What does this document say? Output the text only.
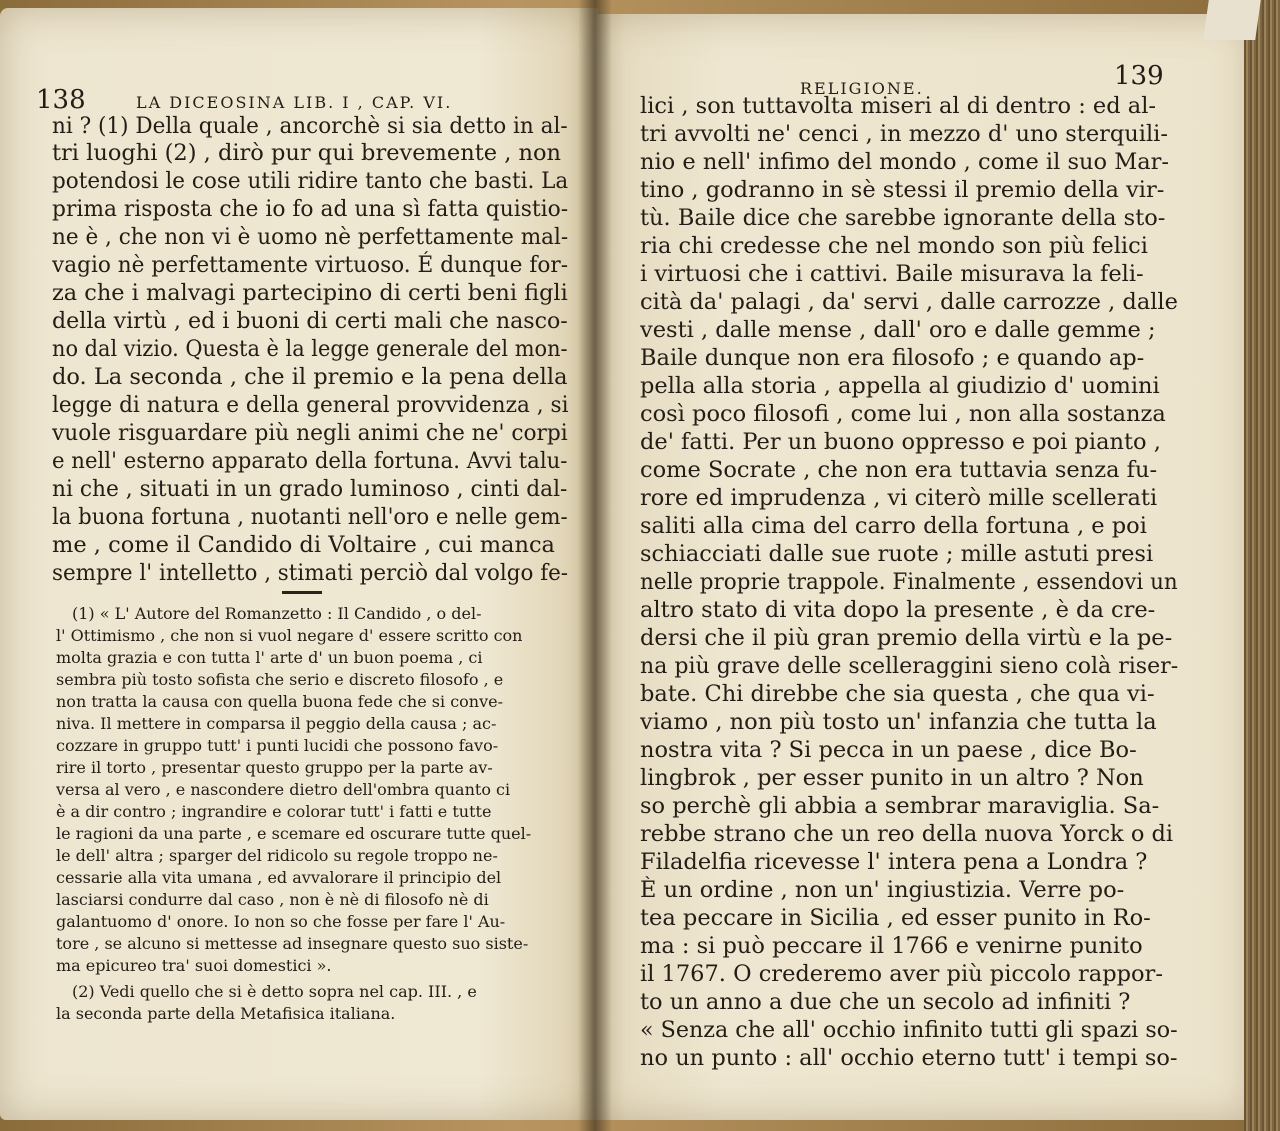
138	LA DICEOSINA LIB. I , CAP. VI.
RELIGIONE.	139
ni ? (1) Della quale , ancorchè si sia detto in al-
tri luoghi (2) , dirò pur qui brevemente , non
potendosi le cose utili ridire tanto che basti. La
prima risposta che io fo ad una sì fatta quistio-
ne è , che non vi è uomo nè perfettamente mal-
vagio nè perfettamente virtuoso. É dunque for-
za che i malvagi partecipino di certi beni figli
della virtù , ed i buoni di certi mali che nasco-
no dal vizio. Questa è la legge generale del mon-
do. La seconda , che il premio e la pena della
legge di natura e della general provvidenza , si
vuole risguardare più negli animi che ne' corpi
e nell' esterno apparato della fortuna. Avvi talu-
ni che , situati in un grado luminoso , cinti dal-
la buona fortuna , nuotanti nell'oro e nelle gem-
me , come il Candido di Voltaire , cui manca
sempre l' intelletto , stimati perciò dal volgo fe-
(1) « L' Autore del Romanzetto : Il Candido , o del-
l' Ottimismo , che non si vuol negare d' essere scritto con
molta grazia e con tutta l' arte d' un buon poema , ci
sembra più tosto sofista che serio e discreto filosofo , e
non tratta la causa con quella buona fede che si conve-
niva. Il mettere in comparsa il peggio della causa ; ac-
cozzare in gruppo tutt' i punti lucidi che possono favo-
rire il torto , presentar questo gruppo per la parte av-
versa al vero , e nascondere dietro dell'ombra quanto ci
è a dir contro ; ingrandire e colorar tutt' i fatti e tutte
le ragioni da una parte , e scemare ed oscurare tutte quel-
le dell' altra ; sparger del ridicolo su regole troppo ne-
cessarie alla vita umana , ed avvalorare il principio del
lasciarsi condurre dal caso , non è nè di filosofo nè di
galantuomo d' onore. Io non so che fosse per fare l' Au-
tore , se alcuno si mettesse ad insegnare questo suo siste-
ma epicureo tra' suoi domestici ».
(2) Vedi quello che si è detto sopra nel cap. III. , e
la seconda parte della Metafisica italiana.
lici , son tuttavolta miseri al di dentro : ed al-
tri avvolti ne' cenci , in mezzo d' uno sterquili-
nio e nell' infimo del mondo , come il suo Mar-
tino , godranno in sè stessi il premio della vir-
tù. Baile dice che sarebbe ignorante della sto-
ria chi credesse che nel mondo son più felici
i virtuosi che i cattivi. Baile misurava la feli-
cità da' palagi , da' servi , dalle carrozze , dalle
vesti , dalle mense , dall' oro e dalle gemme ;
Baile dunque non era filosofo ; e quando ap-
pella alla storia , appella al giudizio d' uomini
così poco filosofi , come lui , non alla sostanza
de' fatti. Per un buono oppresso e poi pianto ,
come Socrate , che non era tuttavia senza fu-
rore ed imprudenza , vi citerò mille scellerati
saliti alla cima del carro della fortuna , e poi
schiacciati dalle sue ruote ; mille astuti presi
nelle proprie trappole. Finalmente , essendovi un
altro stato di vita dopo la presente , è da cre-
dersi che il più gran premio della virtù e la pe-
na più grave delle scelleraggini sieno colà riser-
bate. Chi direbbe che sia questa , che qua vi-
viamo , non più tosto un' infanzia che tutta la
nostra vita ? Si pecca in un paese , dice Bo-
lingbrok , per esser punito in un altro ? Non
so perchè gli abbia a sembrar maraviglia. Sa-
rebbe strano che un reo della nuova Yorck o di
Filadelfia ricevesse l' intera pena a Londra ?
È un ordine , non un' ingiustizia. Verre po-
tea peccare in Sicilia , ed esser punito in Ro-
ma : si può peccare il 1766 e venirne punito
il 1767. O crederemo aver più piccolo rappor-
to un anno a due che un secolo ad infiniti ?
« Senza che all' occhio infinito tutti gli spazi so-
no un punto : all' occhio eterno tutt' i tempi so-
